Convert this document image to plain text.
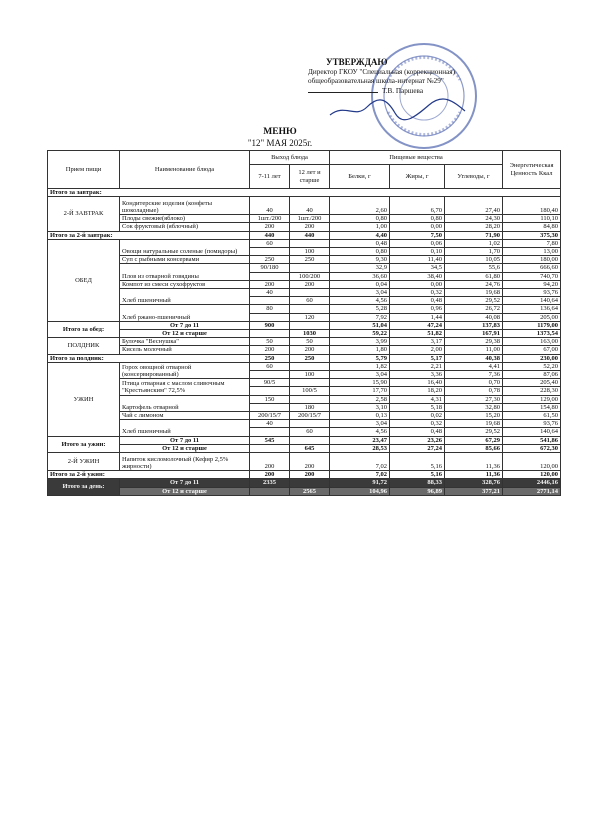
УТВЕРЖДАЮ
Директор ГКОУ "Специальная (коррекционная)
общеобразовательная школа-интернат №29"
Т.В. Паршева
МЕНЮ
"12" МАЯ 2025г.
Прием пищи	Наименование блюда	Выход блюда		Пищевые вещества			Энергетическая Ценность Ккал
		7-11 лет	12 лет и старше	Белки, г	Жиры, г	Углеводы, г	
Итого за завтрак:							
2-Й ЗАВТРАК	Кондитерские изделия (конфеты шоколадные)	40	40	2,60	6,70	27,40	180,40
	Плоды свежие(яблоко)	1шт./200	1шт./200	0,80	0,80	24,30	110,10
	Сок фруктовый (яблочный)	200	200	1,00	0,00	28,20	84,80
Итого за 2-й завтрак:		440	440	4,40	7,50	71,90	375,30
ОБЕД	Овощи натуральные соленые (помидоры)	60		0,48	0,06	1,02	7,80
			100	0,80	0,10	1,70	13,00
	Суп с рыбными консервами	250	250	9,30	11,40	10,05	180,00
	Плов из отварной говядины	90/180		32,9	34,5	55,6	666,60
			100/200	36,60	38,40	61,80	740,70
	Компот из смеси сухофруктов	200	200	0,04	0,00	24,76	94,20
	Хлеб пшеничный	40		3,04	0,32	19,68	93,76
			60	4,56	0,48	29,52	140,64
	Хлеб ржано-пшеничный	80		5,28	0,96	26,72	136,64
			120	7,92	1,44	40,08	205,00
Итого за обед:	От 7 до 11	900		51,04	47,24	137,83	1179,00
	От 12 и старше		1030	59,22	51,82	167,91	1373,54
ПОЛДНИК	Булочка "Веснушка"	50	50	3,99	3,17	29,38	163,00
	Кисель молочный	200	200	1,80	2,00	11,00	67,00
Итого за полдник:		250	250	5,79	5,17	40,38	230,00
УЖИН	Горох овощной отварной (консервированный)	60		1,82	2,21	4,41	52,20
			100	3,04	3,36	7,36	87,06
	Птица отварная с маслом сливочным "Крестьянским" 72,5%	90/5		15,90	16,40	0,70	205,40
			100/5	17,70	18,20	0,78	228,30
	Картофель отварной	150		2,58	4,31	27,30	129,00
			180	3,10	5,18	32,80	154,80
	Чай с лимоном	200/15/7	200/15/7	0,13	0,02	15,20	61,50
	Хлеб пшеничный	40		3,04	0,32	19,68	93,76
			60	4,56	0,48	29,52	140,64
Итого за ужин:	От 7 до 11	545		23,47	23,26	67,29	541,86
	От 12 и старше		645	28,53	27,24	85,66	672,30
2-Й УЖИН	Напиток кисломолочный (Кефир 2,5% жирности)	200	200	7,02	5,16	11,36	120,00
Итого за 2-й ужин:		200	200	7,02	5,16	11,36	120,00
Итого за день:	От 7 до 11	2335		91,72	88,33	328,76	2446,16
	От 12 и старше		2565	104,96	96,89	377,21	2771,14
